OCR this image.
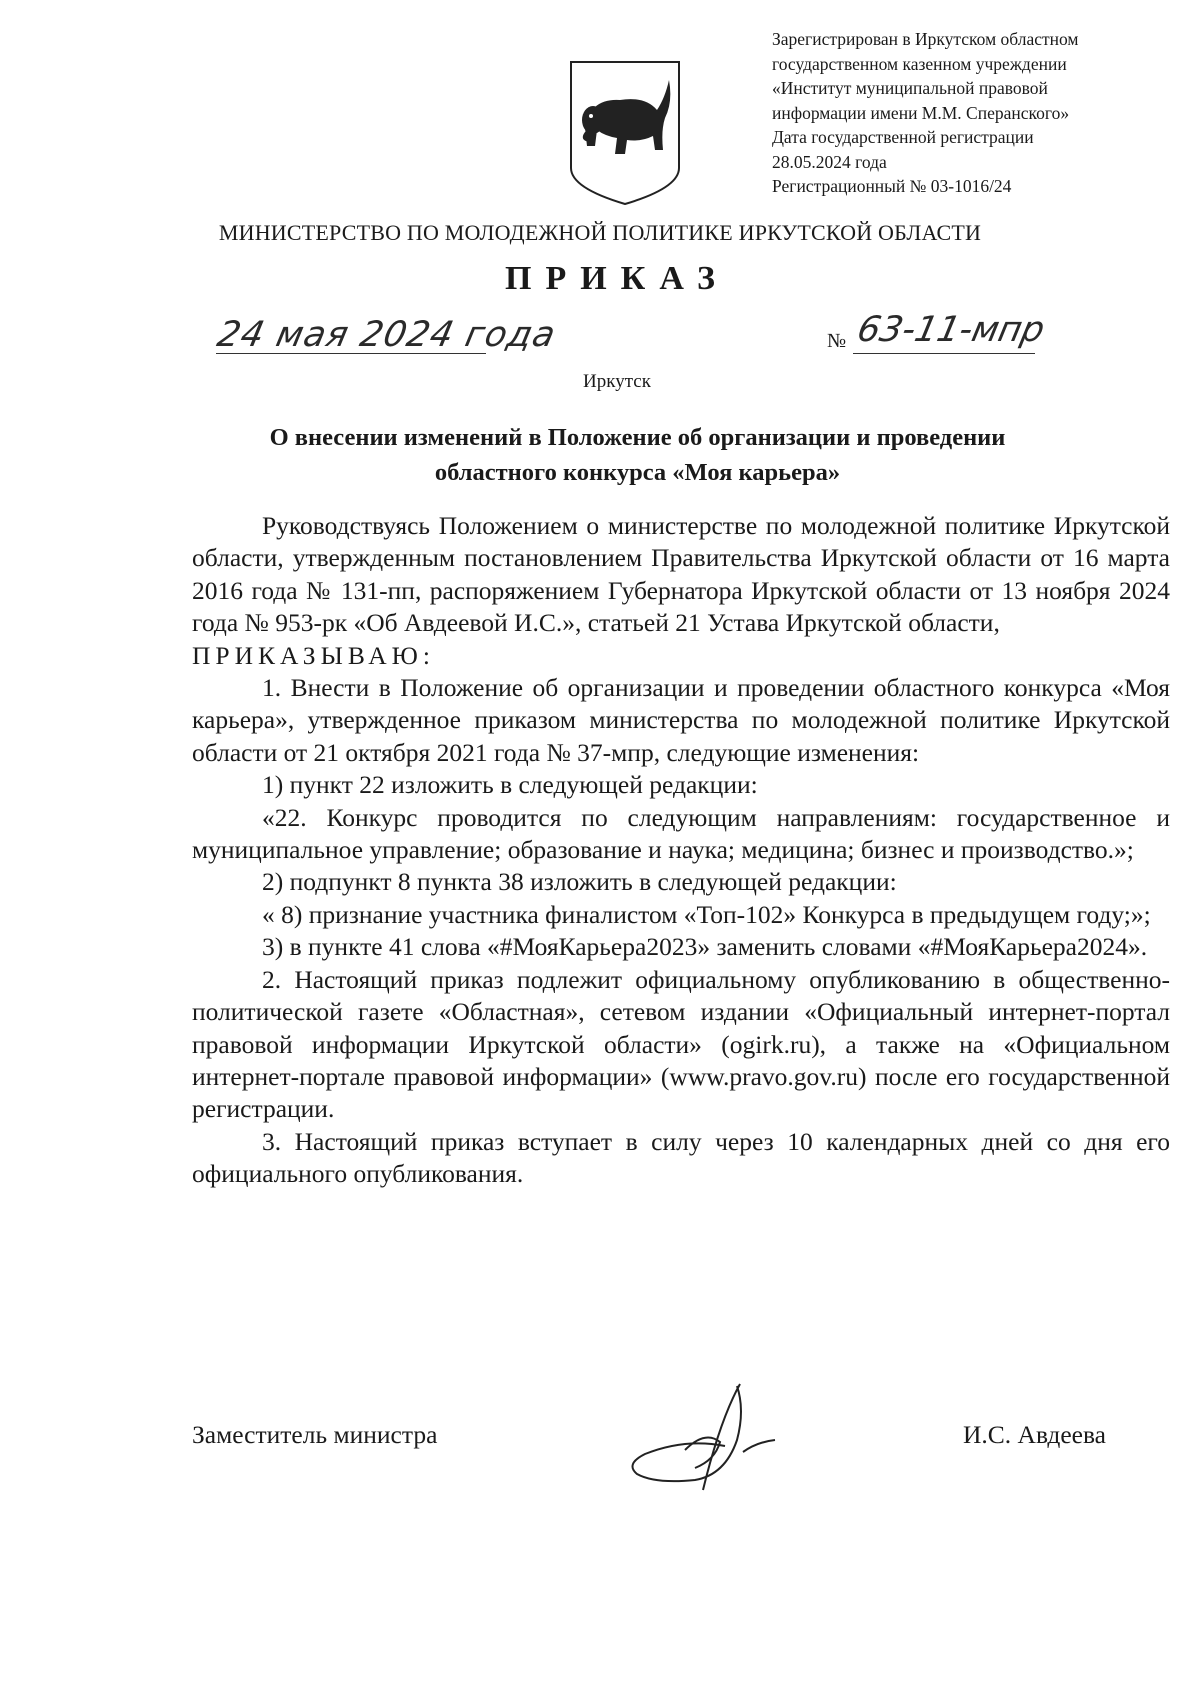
Зарегистрирован в Иркутском областном
государственном казенном учреждении
«Институт муниципальной правовой
информации имени М.М. Сперанского»
Дата государственной регистрации
28.05.2024 года
Регистрационный № 03-1016/24
МИНИСТЕРСТВО ПО МОЛОДЕЖНОЙ ПОЛИТИКЕ ИРКУТСКОЙ ОБЛАСТИ
ПРИКАЗ
24 мая 2024 года	№ 63-11-мпр
Иркутск
О внесении изменений в Положение об организации и проведении
областного конкурса «Моя карьера»

Руководствуясь Положением о министерстве по молодежной политике Иркутской области, утвержденным постановлением Правительства Иркутской области от 16 марта 2016 года № 131-пп, распоряжением Губернатора Иркутской области от 13 ноября 2024 года № 953-рк «Об Авдеевой И.С.», статьей 21 Устава Иркутской области,

ПРИКАЗЫВАЮ:

1. Внести в Положение об организации и проведении областного конкурса «Моя карьера», утвержденное приказом министерства по молодежной политике Иркутской области от 21 октября 2021 года № 37-мпр, следующие изменения:

1) пункт 22 изложить в следующей редакции:

«22. Конкурс проводится по следующим направлениям: государственное и муниципальное управление; образование и наука; медицина; бизнес и производство.»;

2) подпункт 8 пункта 38 изложить в следующей редакции:

« 8) признание участника финалистом «Топ-102» Конкурса в предыдущем году;»;

3) в пункте 41 слова «#МояКарьера2023» заменить словами «#МояКарьера2024».

2. Настоящий приказ подлежит официальному опубликованию в общественно-политической газете «Областная», сетевом издании «Официальный интернет-портал правовой информации Иркутской области» (ogirk.ru), а также на «Официальном интернет-портале правовой информации» (www.pravo.gov.ru) после его государственной регистрации.

3. Настоящий приказ вступает в силу через 10 календарных дней со дня его официального опубликования.

Заместитель министра	И.С. Авдеева
